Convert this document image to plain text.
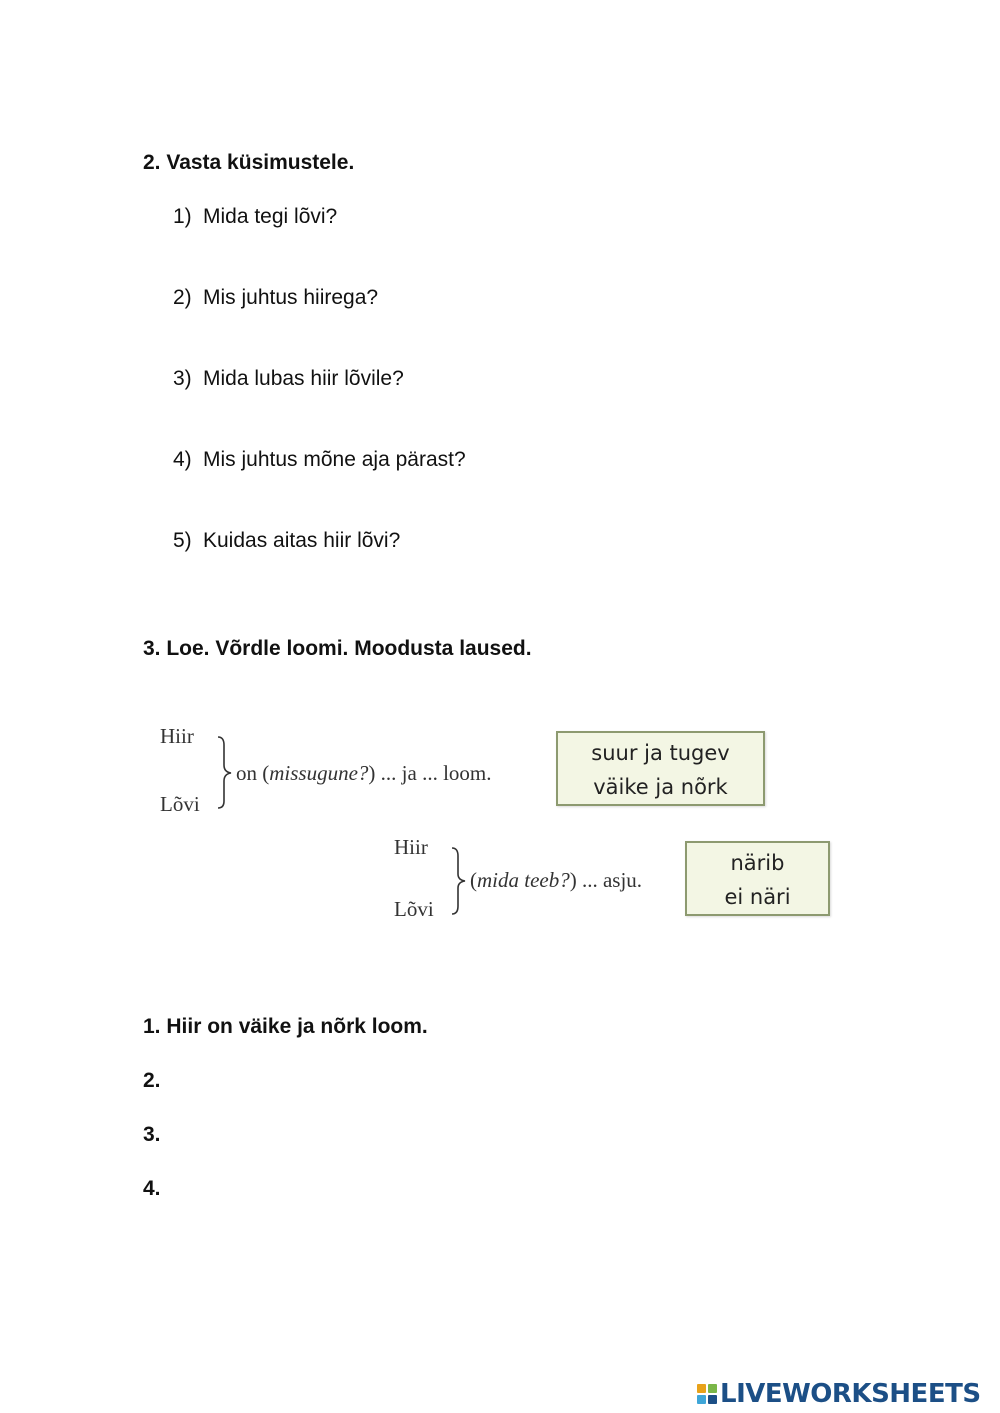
2. Vasta küsimustele.
1) Mida tegi lõvi?
2) Mis juhtus hiirega?
3) Mida lubas hiir lõvile?
4) Mis juhtus mõne aja pärast?
5) Kuidas aitas hiir lõvi?
3. Loe. Võrdle loomi. Moodusta laused.
Hiir
Lõvi
on (missugune?) ... ja ... loom.
suur ja tugev
väike ja nõrk
Hiir
Lõvi
(mida teeb?) ... asju.
närib
ei näri
1. Hiir on väike ja nõrk loom.
2.
3.
4.
LIVEWORKSHEETS
